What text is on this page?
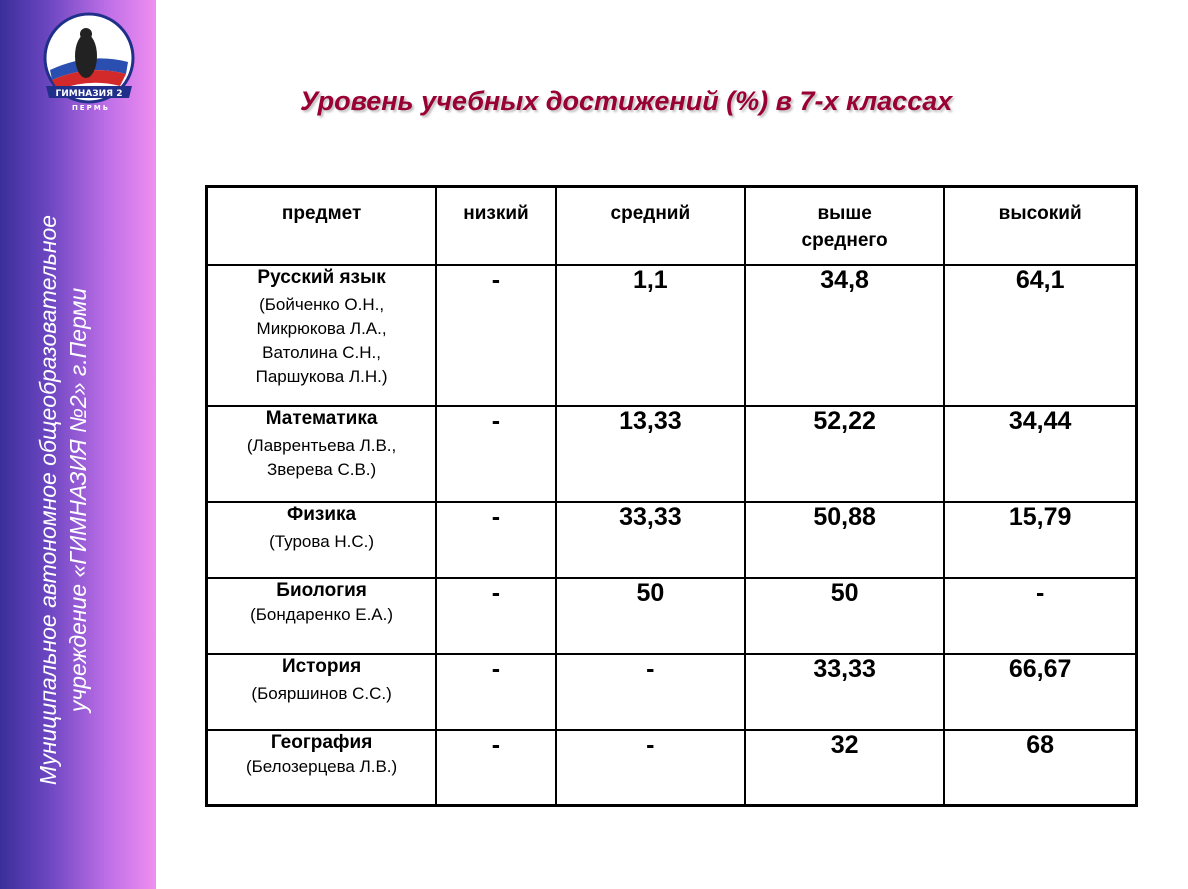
ГИМНАЗИЯ 2
ПЕРМЬ
Муниципальное автономное общеобразовательное учреждение «ГИМНАЗИЯ №2» г.Перми
Уровень учебных достижений (%) в 7-х классах
предмет	низкий	средний	выше среднего	высокий

Русский язык
(Бойченко О.Н., Микрюкова Л.А., Ватолина С.Н., Паршукова Л.Н.)	-	1,1	34,8	64,1

Математика
(Лаврентьева Л.В., Зверева С.В.)	-	13,33	52,22	34,44

Физика
(Турова Н.С.)	-	33,33	50,88	15,79

Биология
(Бондаренко Е.А.)	-	50	50	-

История
(Бояршинов С.С.)	-	-	33,33	66,67

География
(Белозерцева Л.В.)	-	-	32	68
